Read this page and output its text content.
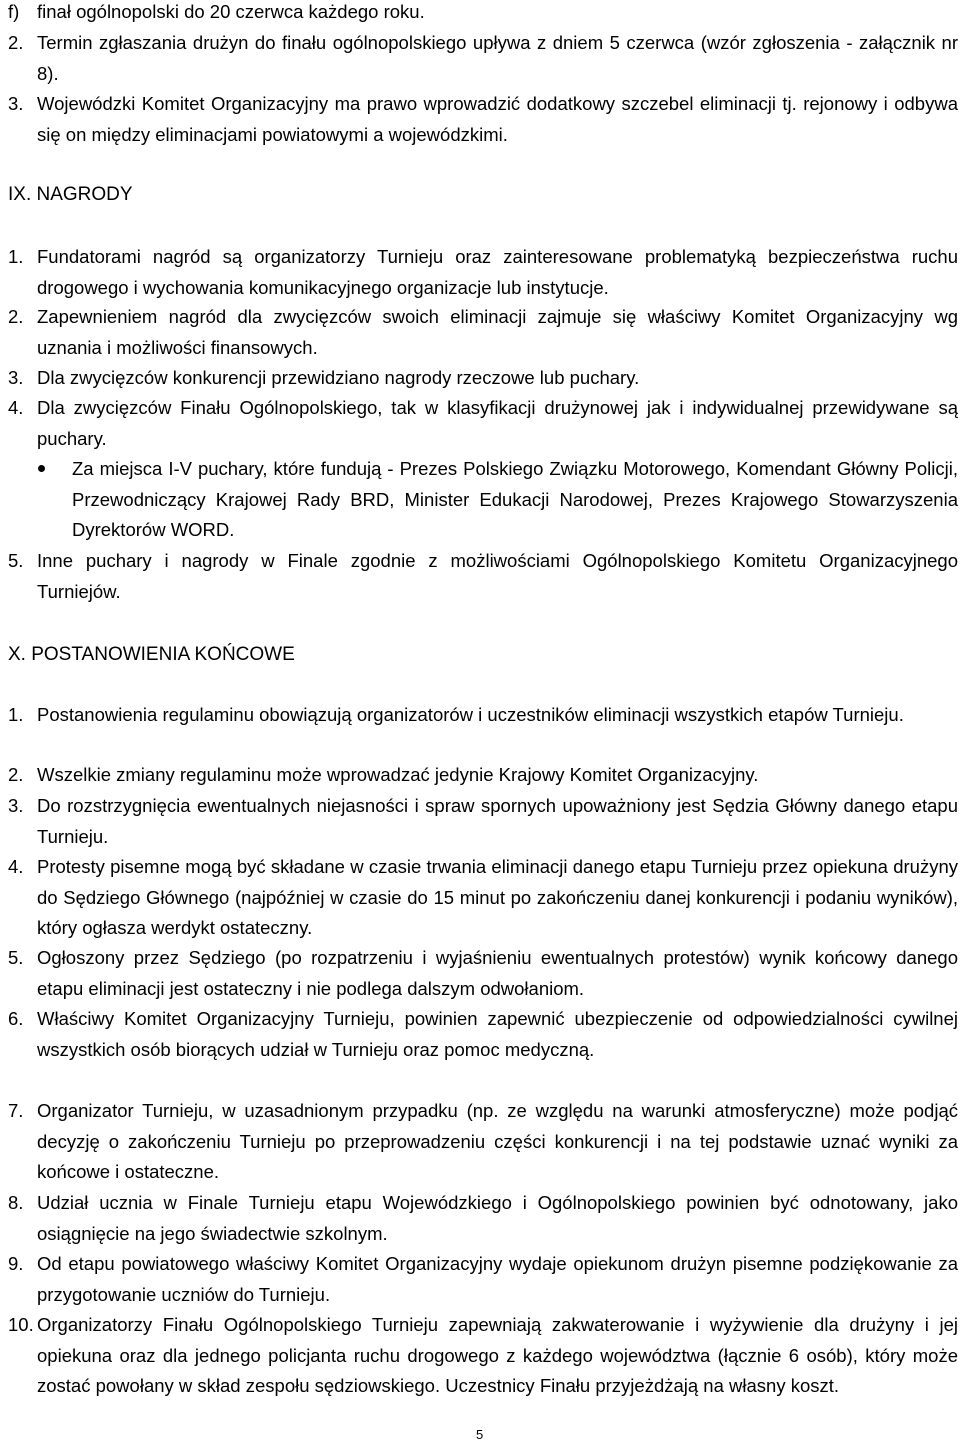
f) finał ogólnopolski do 20 czerwca każdego roku.
2. Termin zgłaszania drużyn do finału ogólnopolskiego upływa z dniem 5 czerwca (wzór zgłoszenia - załącznik nr 8).
3. Wojewódzki Komitet Organizacyjny ma prawo wprowadzić dodatkowy szczebel eliminacji tj. rejonowy i odbywa się on między eliminacjami powiatowymi a wojewódzkimi.
IX. NAGRODY
1. Fundatorami nagród są organizatorzy Turnieju oraz zainteresowane problematyką bezpieczeństwa ruchu drogowego i wychowania komunikacyjnego organizacje lub instytucje.
2. Zapewnieniem nagród dla zwycięzców swoich eliminacji zajmuje się właściwy Komitet Organizacyjny wg uznania i możliwości finansowych.
3. Dla zwycięzców konkurencji przewidziano nagrody rzeczowe lub puchary.
4. Dla zwycięzców Finału Ogólnopolskiego, tak w klasyfikacji drużynowej jak i indywidualnej przewidywane są puchary.
Za miejsca I-V puchary, które fundują - Prezes Polskiego Związku Motorowego, Komendant Główny Policji, Przewodniczący Krajowej Rady BRD, Minister Edukacji Narodowej, Prezes Krajowego Stowarzyszenia Dyrektorów WORD.
5. Inne puchary i nagrody w Finale zgodnie z możliwościami Ogólnopolskiego Komitetu Organizacyjnego Turniejów.
X. POSTANOWIENIA KOŃCOWE
1. Postanowienia regulaminu obowiązują organizatorów i uczestników eliminacji wszystkich etapów Turnieju.
2. Wszelkie zmiany regulaminu może wprowadzać jedynie Krajowy Komitet Organizacyjny.
3. Do rozstrzygnięcia ewentualnych niejasności i spraw spornych upoważniony jest Sędzia Główny danego etapu Turnieju.
4. Protesty pisemne mogą być składane w czasie trwania eliminacji danego etapu Turnieju przez opiekuna drużyny do Sędziego Głównego (najpóźniej w czasie do 15 minut po zakończeniu danej konkurencji i podaniu wyników), który ogłasza werdykt ostateczny.
5. Ogłoszony przez Sędziego (po rozpatrzeniu i wyjaśnieniu ewentualnych protestów) wynik końcowy danego etapu eliminacji jest ostateczny i nie podlega dalszym odwołaniom.
6. Właściwy Komitet Organizacyjny Turnieju, powinien zapewnić ubezpieczenie od odpowiedzialności cywilnej wszystkich osób biorących udział w Turnieju oraz pomoc medyczną.
7. Organizator Turnieju, w uzasadnionym przypadku (np. ze względu na warunki atmosferyczne) może podjąć decyzję o zakończeniu Turnieju po przeprowadzeniu części konkurencji i na tej podstawie uznać wyniki za końcowe i ostateczne.
8. Udział ucznia w Finale Turnieju etapu Wojewódzkiego i Ogólnopolskiego powinien być odnotowany, jako osiągnięcie na jego świadectwie szkolnym.
9. Od etapu powiatowego właściwy Komitet Organizacyjny wydaje opiekunom drużyn pisemne podziękowanie za przygotowanie uczniów do Turnieju.
10. Organizatorzy Finału Ogólnopolskiego Turnieju zapewniają zakwaterowanie i wyżywienie dla drużyny i jej opiekuna oraz dla jednego policjanta ruchu drogowego z każdego województwa (łącznie 6 osób), który może zostać powołany w skład zespołu sędziowskiego. Uczestnicy Finału przyjeżdżają na własny koszt.
5
